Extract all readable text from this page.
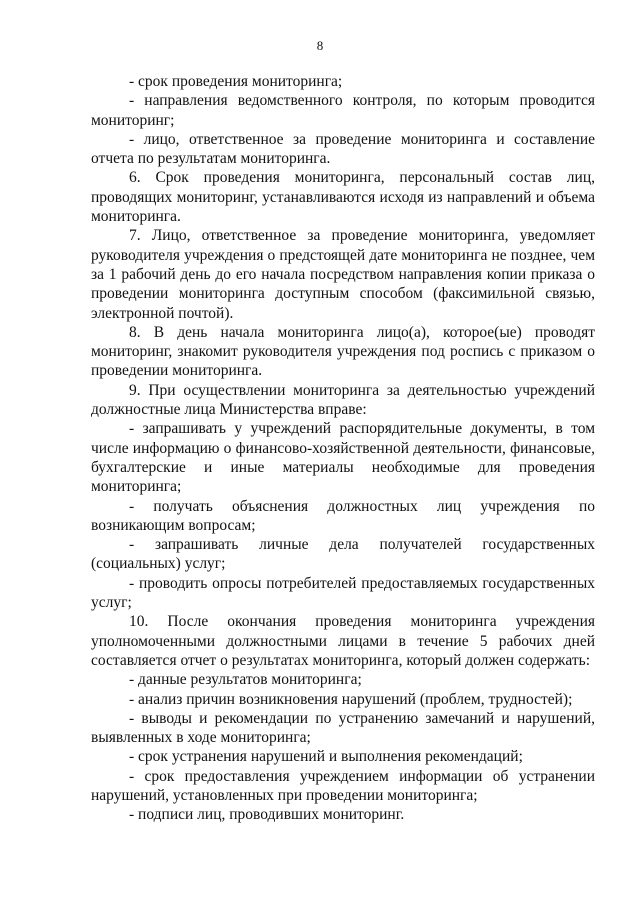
8

- срок проведения мониторинга;

- направления ведомственного контроля, по которым проводится мониторинг;

- лицо, ответственное за проведение мониторинга и составление отчета по результатам мониторинга.

6. Срок проведения мониторинга, персональный состав лиц, проводящих мониторинг, устанавливаются исходя из направлений и объема мониторинга.

7. Лицо, ответственное за проведение мониторинга, уведомляет руководителя учреждения о предстоящей дате мониторинга не позднее, чем за 1 рабочий день до его начала посредством направления копии приказа о проведении мониторинга доступным способом (факсимильной связью, электронной почтой).

8. В день начала мониторинга лицо(а), которое(ые) проводят мониторинг, знакомит руководителя учреждения под роспись с приказом о проведении мониторинга.

9. При осуществлении мониторинга за деятельностью учреждений должностные лица Министерства вправе:

- запрашивать у учреждений распорядительные документы, в том числе информацию о финансово-хозяйственной деятельности, финансовые, бухгалтерские и иные материалы необходимые для проведения мониторинга;

- получать объяснения должностных лиц учреждения по возникающим вопросам;

- запрашивать личные дела получателей государственных (социальных) услуг;

- проводить опросы потребителей предоставляемых государственных услуг;

10. После окончания проведения мониторинга учреждения уполномоченными должностными лицами в течение 5 рабочих дней составляется отчет о результатах мониторинга, который должен содержать:

- данные результатов мониторинга;

- анализ причин возникновения нарушений (проблем, трудностей);

- выводы и рекомендации по устранению замечаний и нарушений, выявленных в ходе мониторинга;

- срок устранения нарушений и выполнения рекомендаций;

- срок предоставления учреждением информации об устранении нарушений, установленных при проведении мониторинга;

- подписи лиц, проводивших мониторинг.
